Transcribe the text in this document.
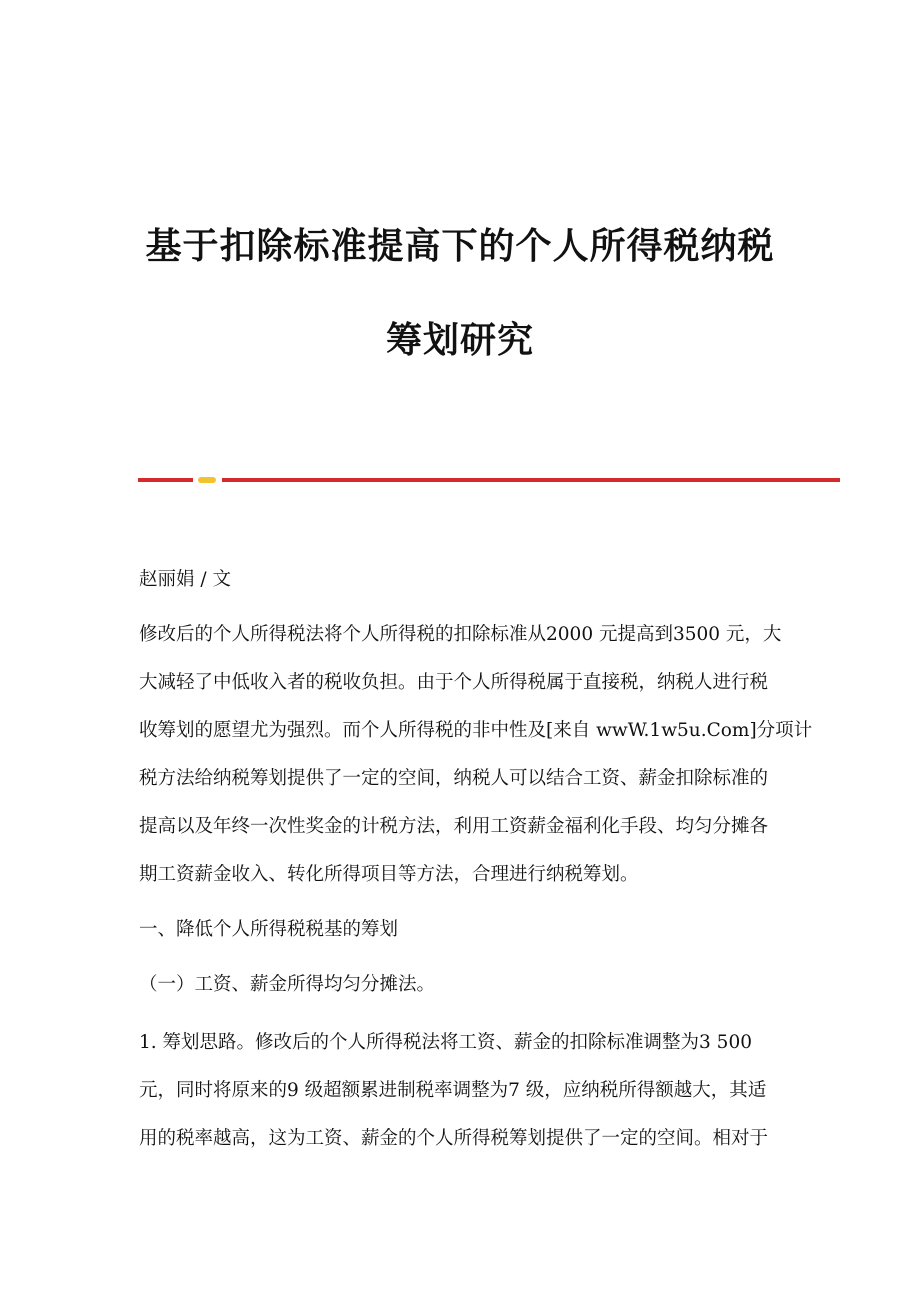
基于扣除标准提高下的个人所得税纳税
筹划研究
赵丽娟 / 文
修改后的个人所得税法将个人所得税的扣除标准从2000 元提高到3500 元，大
大减轻了中低收入者的税收负担。由于个人所得税属于直接税，纳税人进行税
收筹划的愿望尤为强烈。而个人所得税的非中性及[来自 wwW.1w5u.Com]分项计
税方法给纳税筹划提供了一定的空间，纳税人可以结合工资、薪金扣除标准的
提高以及年终一次性奖金的计税方法，利用工资薪金福利化手段、均匀分摊各
期工资薪金收入、转化所得项目等方法，合理进行纳税筹划。
一、降低个人所得税税基的筹划
（一）工资、薪金所得均匀分摊法。
1. 筹划思路。修改后的个人所得税法将工资、薪金的扣除标准调整为3 500
元，同时将原来的9 级超额累进制税率调整为7 级，应纳税所得额越大，其适
用的税率越高，这为工资、薪金的个人所得税筹划提供了一定的空间。相对于
